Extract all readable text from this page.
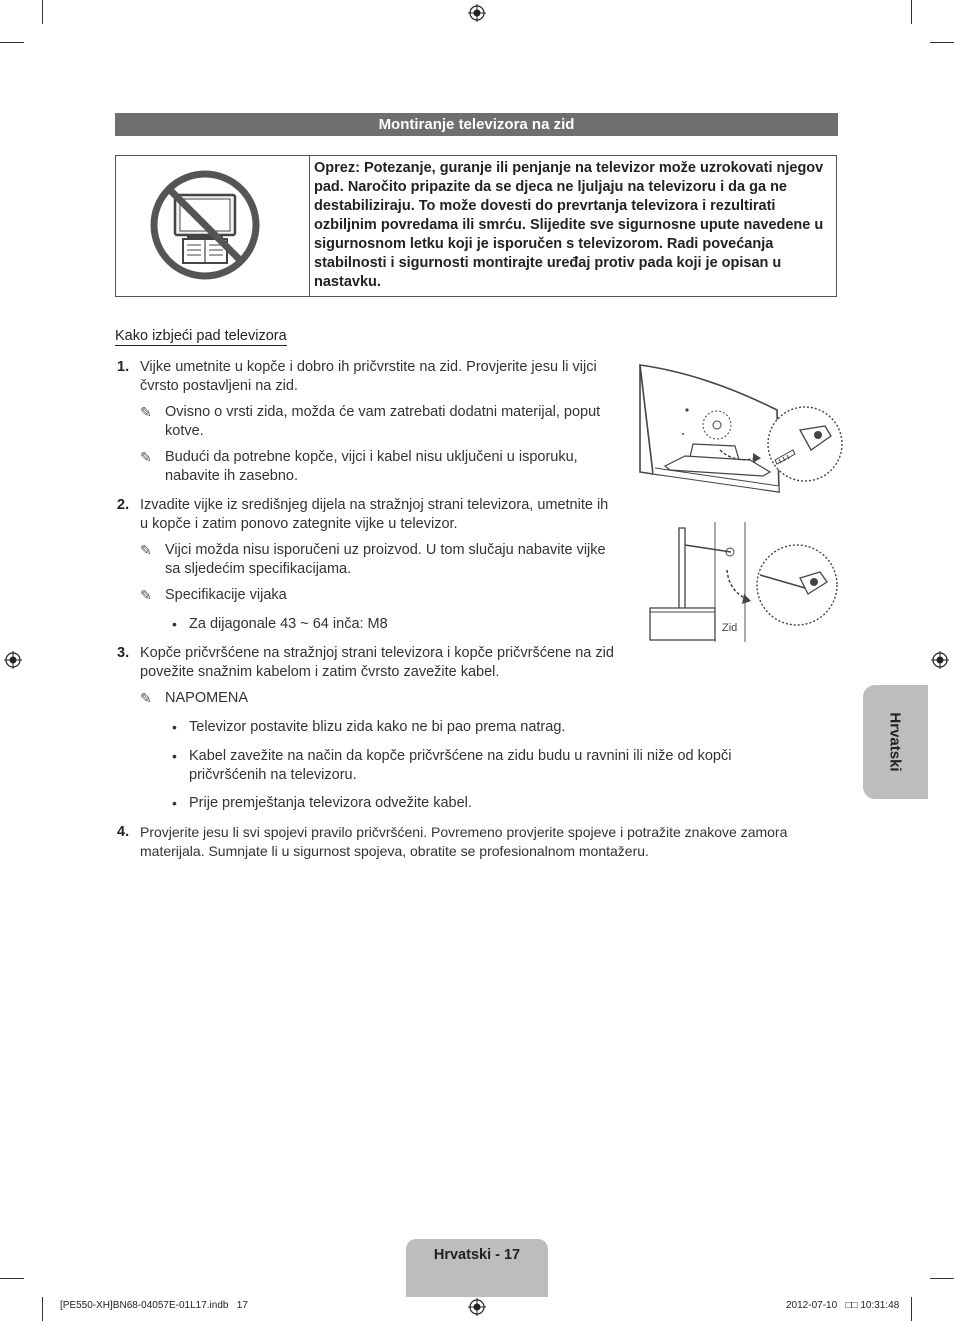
Montiranje televizora na zid
Oprez: Potezanje, guranje ili penjanje na televizor može uzrokovati njegov pad. Naročito pripazite da se djeca ne ljuljaju na televizoru i da ga ne destabiliziraju. To može dovesti do prevrtanja televizora i rezultirati ozbiljnim povredama ili smrću. Slijedite sve sigurnosne upute navedene u sigurnosnom letku koji je isporučen s televizorom. Radi povećanja stabilnosti i sigurnosti montirajte uređaj protiv pada koji je opisan u nastavku.
Kako izbjeći pad televizora
1. Vijke umetnite u kopče i dobro ih pričvrstite na zid. Provjerite jesu li vijci čvrsto postavljeni na zid.
✎ Ovisno o vrsti zida, možda će vam zatrebati dodatni materijal, poput kotve.
✎ Budući da potrebne kopče, vijci i kabel nisu uključeni u isporuku, nabavite ih zasebno.
2. Izvadite vijke iz središnjeg dijela na stražnjoj strani televizora, umetnite ih u kopče i zatim ponovo zategnite vijke u televizor.
✎ Vijci možda nisu isporučeni uz proizvod. U tom slučaju nabavite vijke sa sljedećim specifikacijama.
✎ Specifikacije vijaka
• Za dijagonale 43 ~ 64 inča: M8
3. Kopče pričvršćene na stražnjoj strani televizora i kopče pričvršćene na zid povežite snažnim kabelom i zatim čvrsto zavežite kabel.
✎ NAPOMENA
• Televizor postavite blizu zida kako ne bi pao prema natrag.
• Kabel zavežite na način da kopče pričvršćene na zidu budu u ravnini ili niže od kopči pričvršćenih na televizoru.
• Prije premještanja televizora odvežite kabel.
4. Provjerite jesu li svi spojevi pravilo pričvršćeni. Povremeno provjerite spojeve i potražite znakove zamora materijala. Sumnjate li u sigurnost spojeva, obratite se profesionalnom montažeru.
Zid
Hrvatski
Hrvatski - 17
[PE550-XH]BN68-04057E-01L17.indb   17	2012-07-10   □□ 10:31:48
